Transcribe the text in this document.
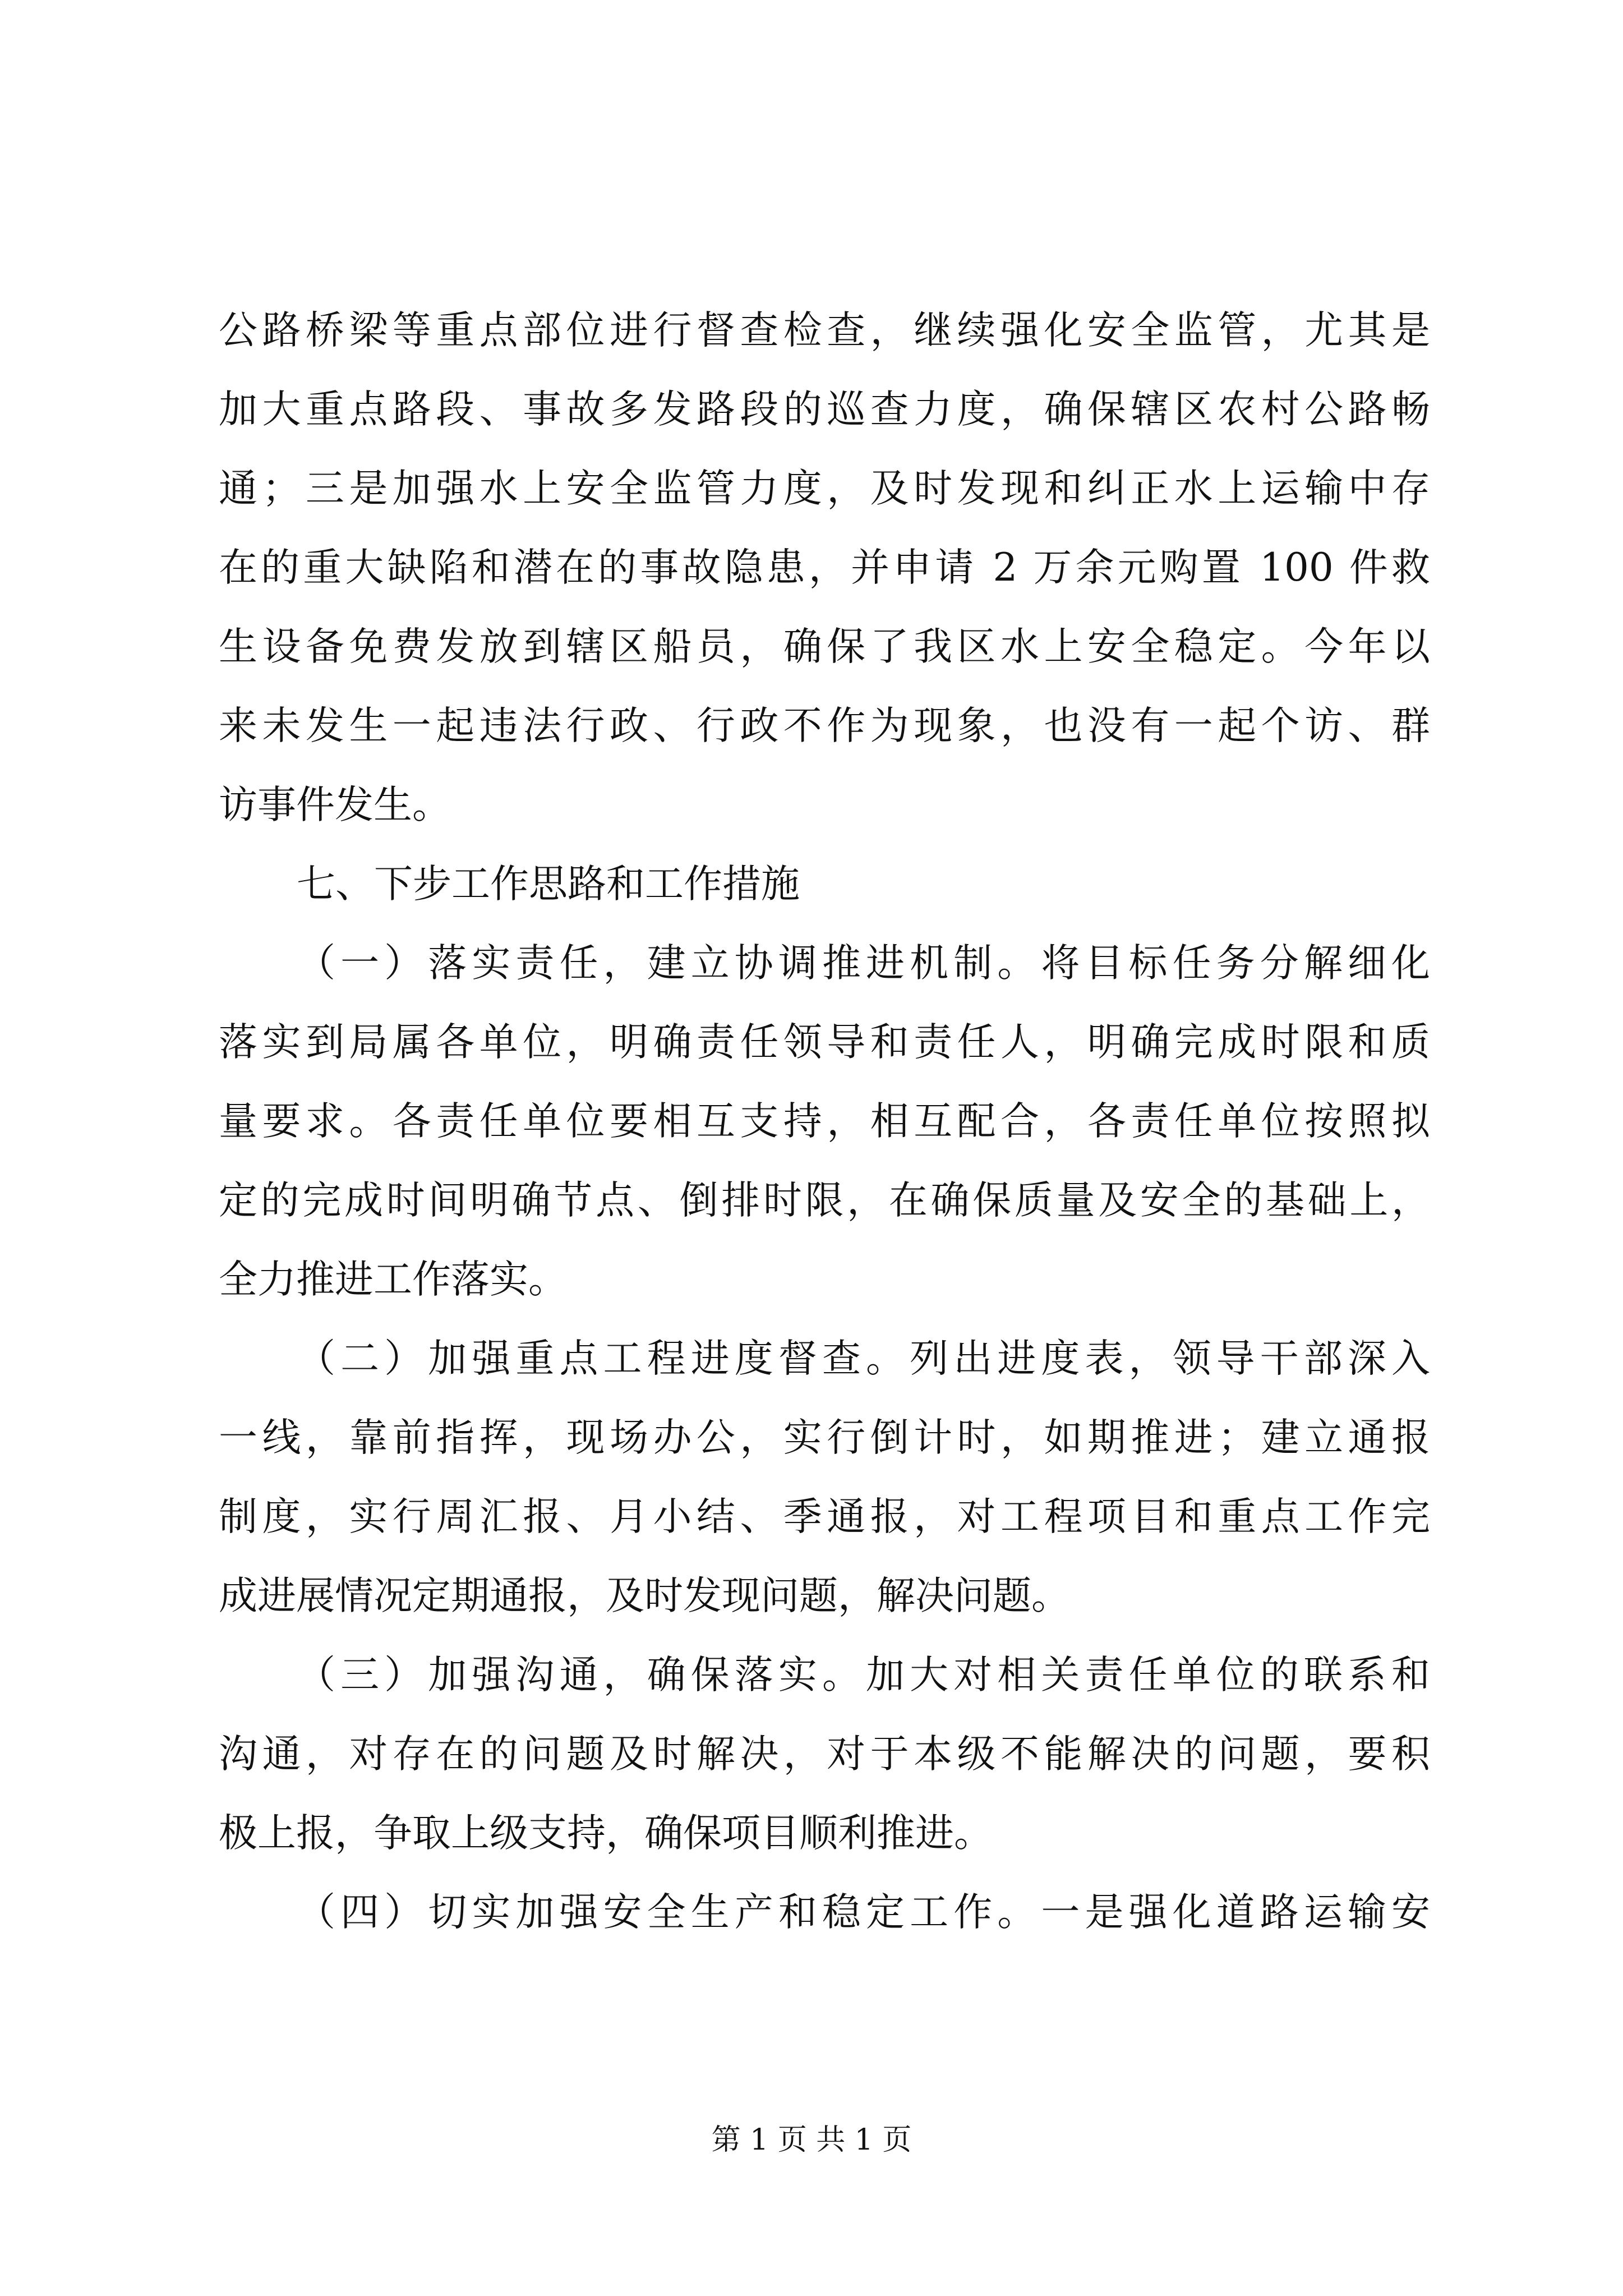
公路桥梁等重点部位进行督查检查，继续强化安全监管，尤其是
加大重点路段、事故多发路段的巡查力度，确保辖区农村公路畅
通；三是加强水上安全监管力度，及时发现和纠正水上运输中存
在的重大缺陷和潜在的事故隐患，并申请 2 万余元购置 100 件救
生设备免费发放到辖区船员，确保了我区水上安全稳定。今年以
来未发生一起违法行政、行政不作为现象，也没有一起个访、群
访事件发生。
七、下步工作思路和工作措施
（一）落实责任，建立协调推进机制。将目标任务分解细化
落实到局属各单位，明确责任领导和责任人，明确完成时限和质
量要求。各责任单位要相互支持，相互配合，各责任单位按照拟
定的完成时间明确节点、倒排时限，在确保质量及安全的基础上，
全力推进工作落实。
（二）加强重点工程进度督查。列出进度表，领导干部深入
一线，靠前指挥，现场办公，实行倒计时，如期推进；建立通报
制度，实行周汇报、月小结、季通报，对工程项目和重点工作完
成进展情况定期通报，及时发现问题，解决问题。
（三）加强沟通，确保落实。加大对相关责任单位的联系和
沟通，对存在的问题及时解决，对于本级不能解决的问题，要积
极上报，争取上级支持，确保项目顺利推进。
（四）切实加强安全生产和稳定工作。一是强化道路运输安
第 1 页 共 1 页
